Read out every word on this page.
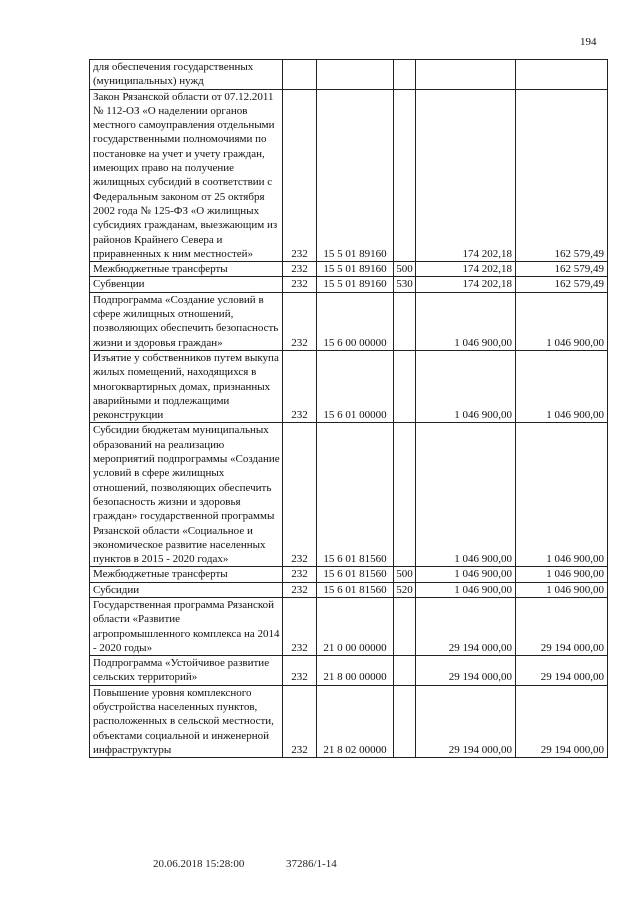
194
для обеспечения государственных (муниципальных) нужд					
Закон Рязанской области от 07.12.2011 № 112-ОЗ «О наделении органов местного самоуправления отдельными государственными полномочиями по постановке на учет и учету граждан, имеющих право на получение жилищных субсидий в соответствии с Федеральным законом от 25 октября 2002 года № 125-ФЗ «О жилищных субсидиях гражданам, выезжающим из районов Крайнего Севера и приравненных к ним местностей»	232	15 5 01 89160		174 202,18	162 579,49
Межбюджетные трансферты	232	15 5 01 89160	500	174 202,18	162 579,49
Субвенции	232	15 5 01 89160	530	174 202,18	162 579,49
Подпрограмма «Создание условий в сфере жилищных отношений, позволяющих обеспечить безопасность жизни и здоровья граждан»	232	15 6 00 00000		1 046 900,00	1 046 900,00
Изъятие у собственников путем выкупа жилых помещений, находящихся в многоквартирных домах, признанных аварийными и подлежащими реконструкции	232	15 6 01 00000		1 046 900,00	1 046 900,00
Субсидии бюджетам муниципальных образований на реализацию мероприятий подпрограммы «Создание условий в сфере жилищных отношений, позволяющих обеспечить безопасность жизни и здоровья граждан» государственной программы Рязанской области «Социальное и экономическое развитие населенных пунктов в 2015 - 2020 годах»	232	15 6 01 81560		1 046 900,00	1 046 900,00
Межбюджетные трансферты	232	15 6 01 81560	500	1 046 900,00	1 046 900,00
Субсидии	232	15 6 01 81560	520	1 046 900,00	1 046 900,00
Государственная программа Рязанской области «Развитие агропромышленного комплекса на 2014 - 2020 годы»	232	21 0 00 00000		29 194 000,00	29 194 000,00
Подпрограмма «Устойчивое развитие сельских территорий»	232	21 8 00 00000		29 194 000,00	29 194 000,00
Повышение уровня комплексного обустройства населенных пунктов, расположенных в сельской местности, объектами социальной и инженерной инфраструктуры	232	21 8 02 00000		29 194 000,00	29 194 000,00
20.06.2018 15:28:00	37286/1-14
